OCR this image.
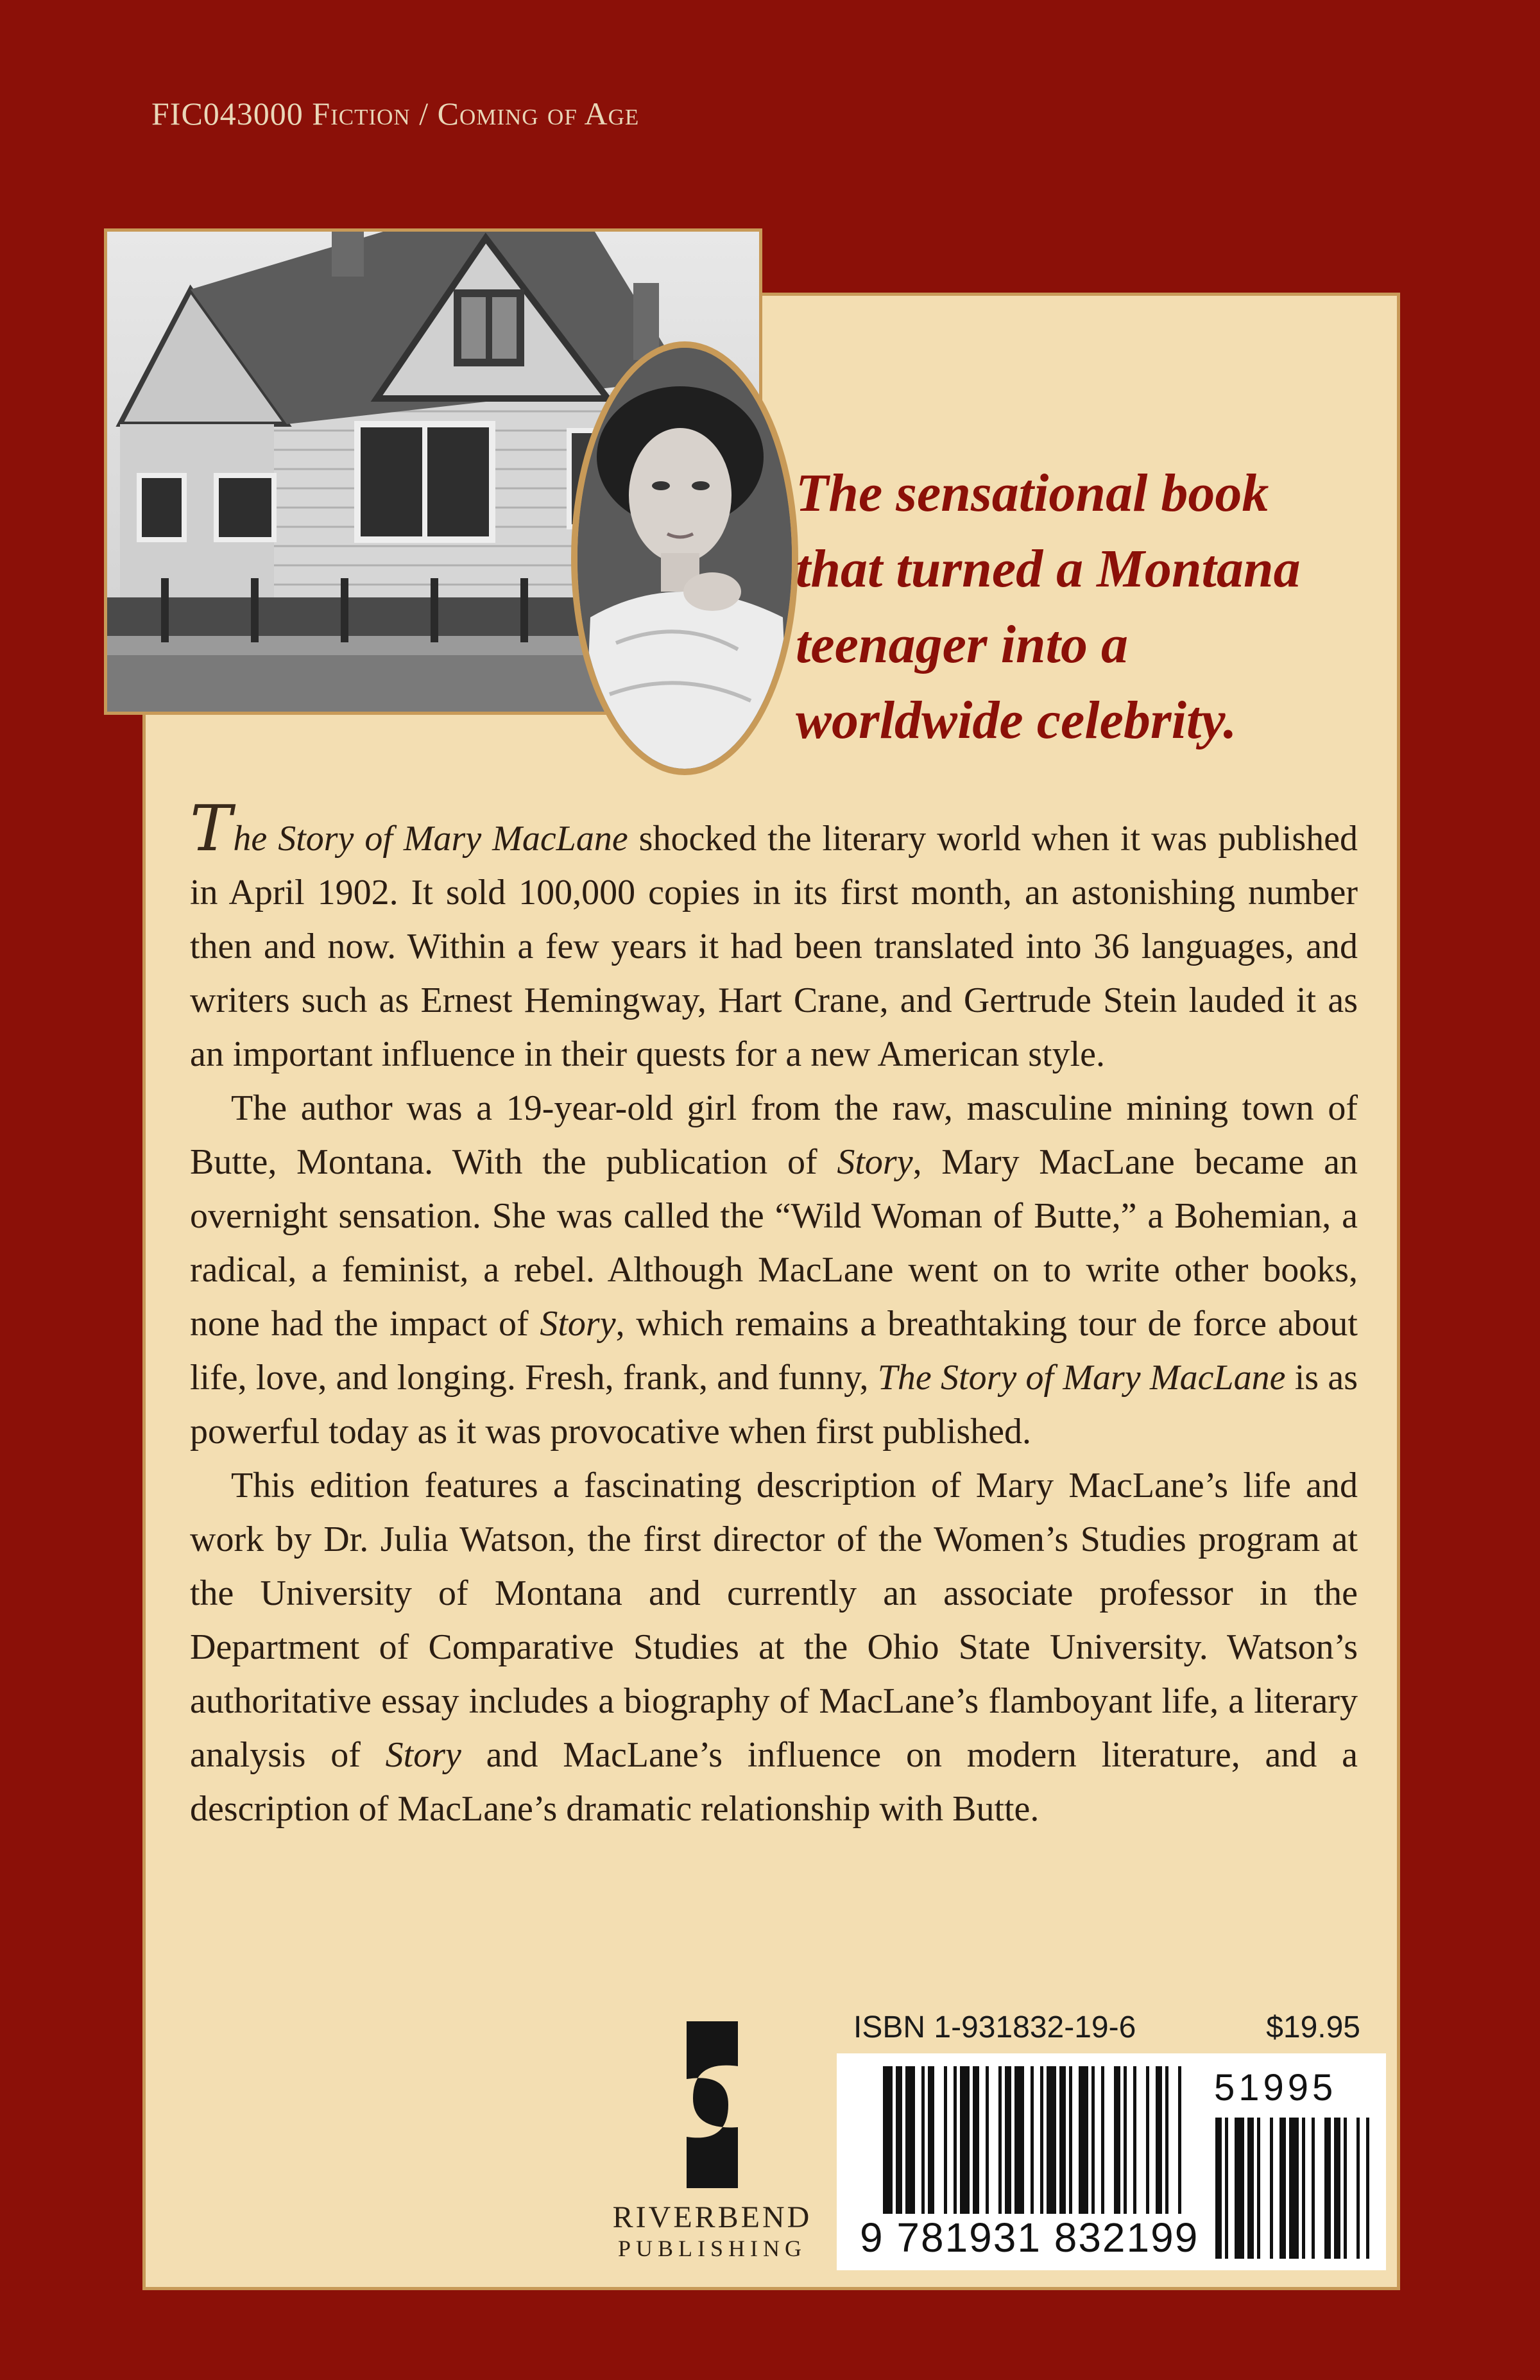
FIC043000 Fiction / Coming of Age
The sensational book
that turned a Montana
teenager into a
worldwide celebrity.

The Story of Mary MacLane shocked the literary world when it was published in April 1902. It sold 100,000 copies in its first month, an astonishing number then and now. Within a few years it had been translated into 36 languages, and writers such as Ernest Hemingway, Hart Crane, and Gertrude Stein lauded it as an important influence in their quests for a new American style.

The author was a 19-year-old girl from the raw, masculine mining town of Butte, Montana. With the publication of Story, Mary MacLane became an overnight sensation. She was called the “Wild Woman of Butte,” a Bohemian, a radical, a feminist, a rebel. Although MacLane went on to write other books, none had the impact of Story, which remains a breathtaking tour de force about life, love, and longing. Fresh, frank, and funny, The Story of Mary MacLane is as powerful today as it was provocative when first published.

This edition features a fascinating description of Mary MacLane’s life and work by Dr. Julia Watson, the first director of the Women’s Studies program at the University of Montana and currently an associate professor in the Department of Comparative Studies at the Ohio State University. Watson’s authoritative essay includes a biography of MacLane’s flamboyant life, a literary analysis of Story and MacLane’s influence on modern literature, and a description of MacLane’s dramatic relationship with Butte.

RIVERBEND
PUBLISHING
ISBN 1-931832-19-6	$19.95
51995
9 781931 832199
